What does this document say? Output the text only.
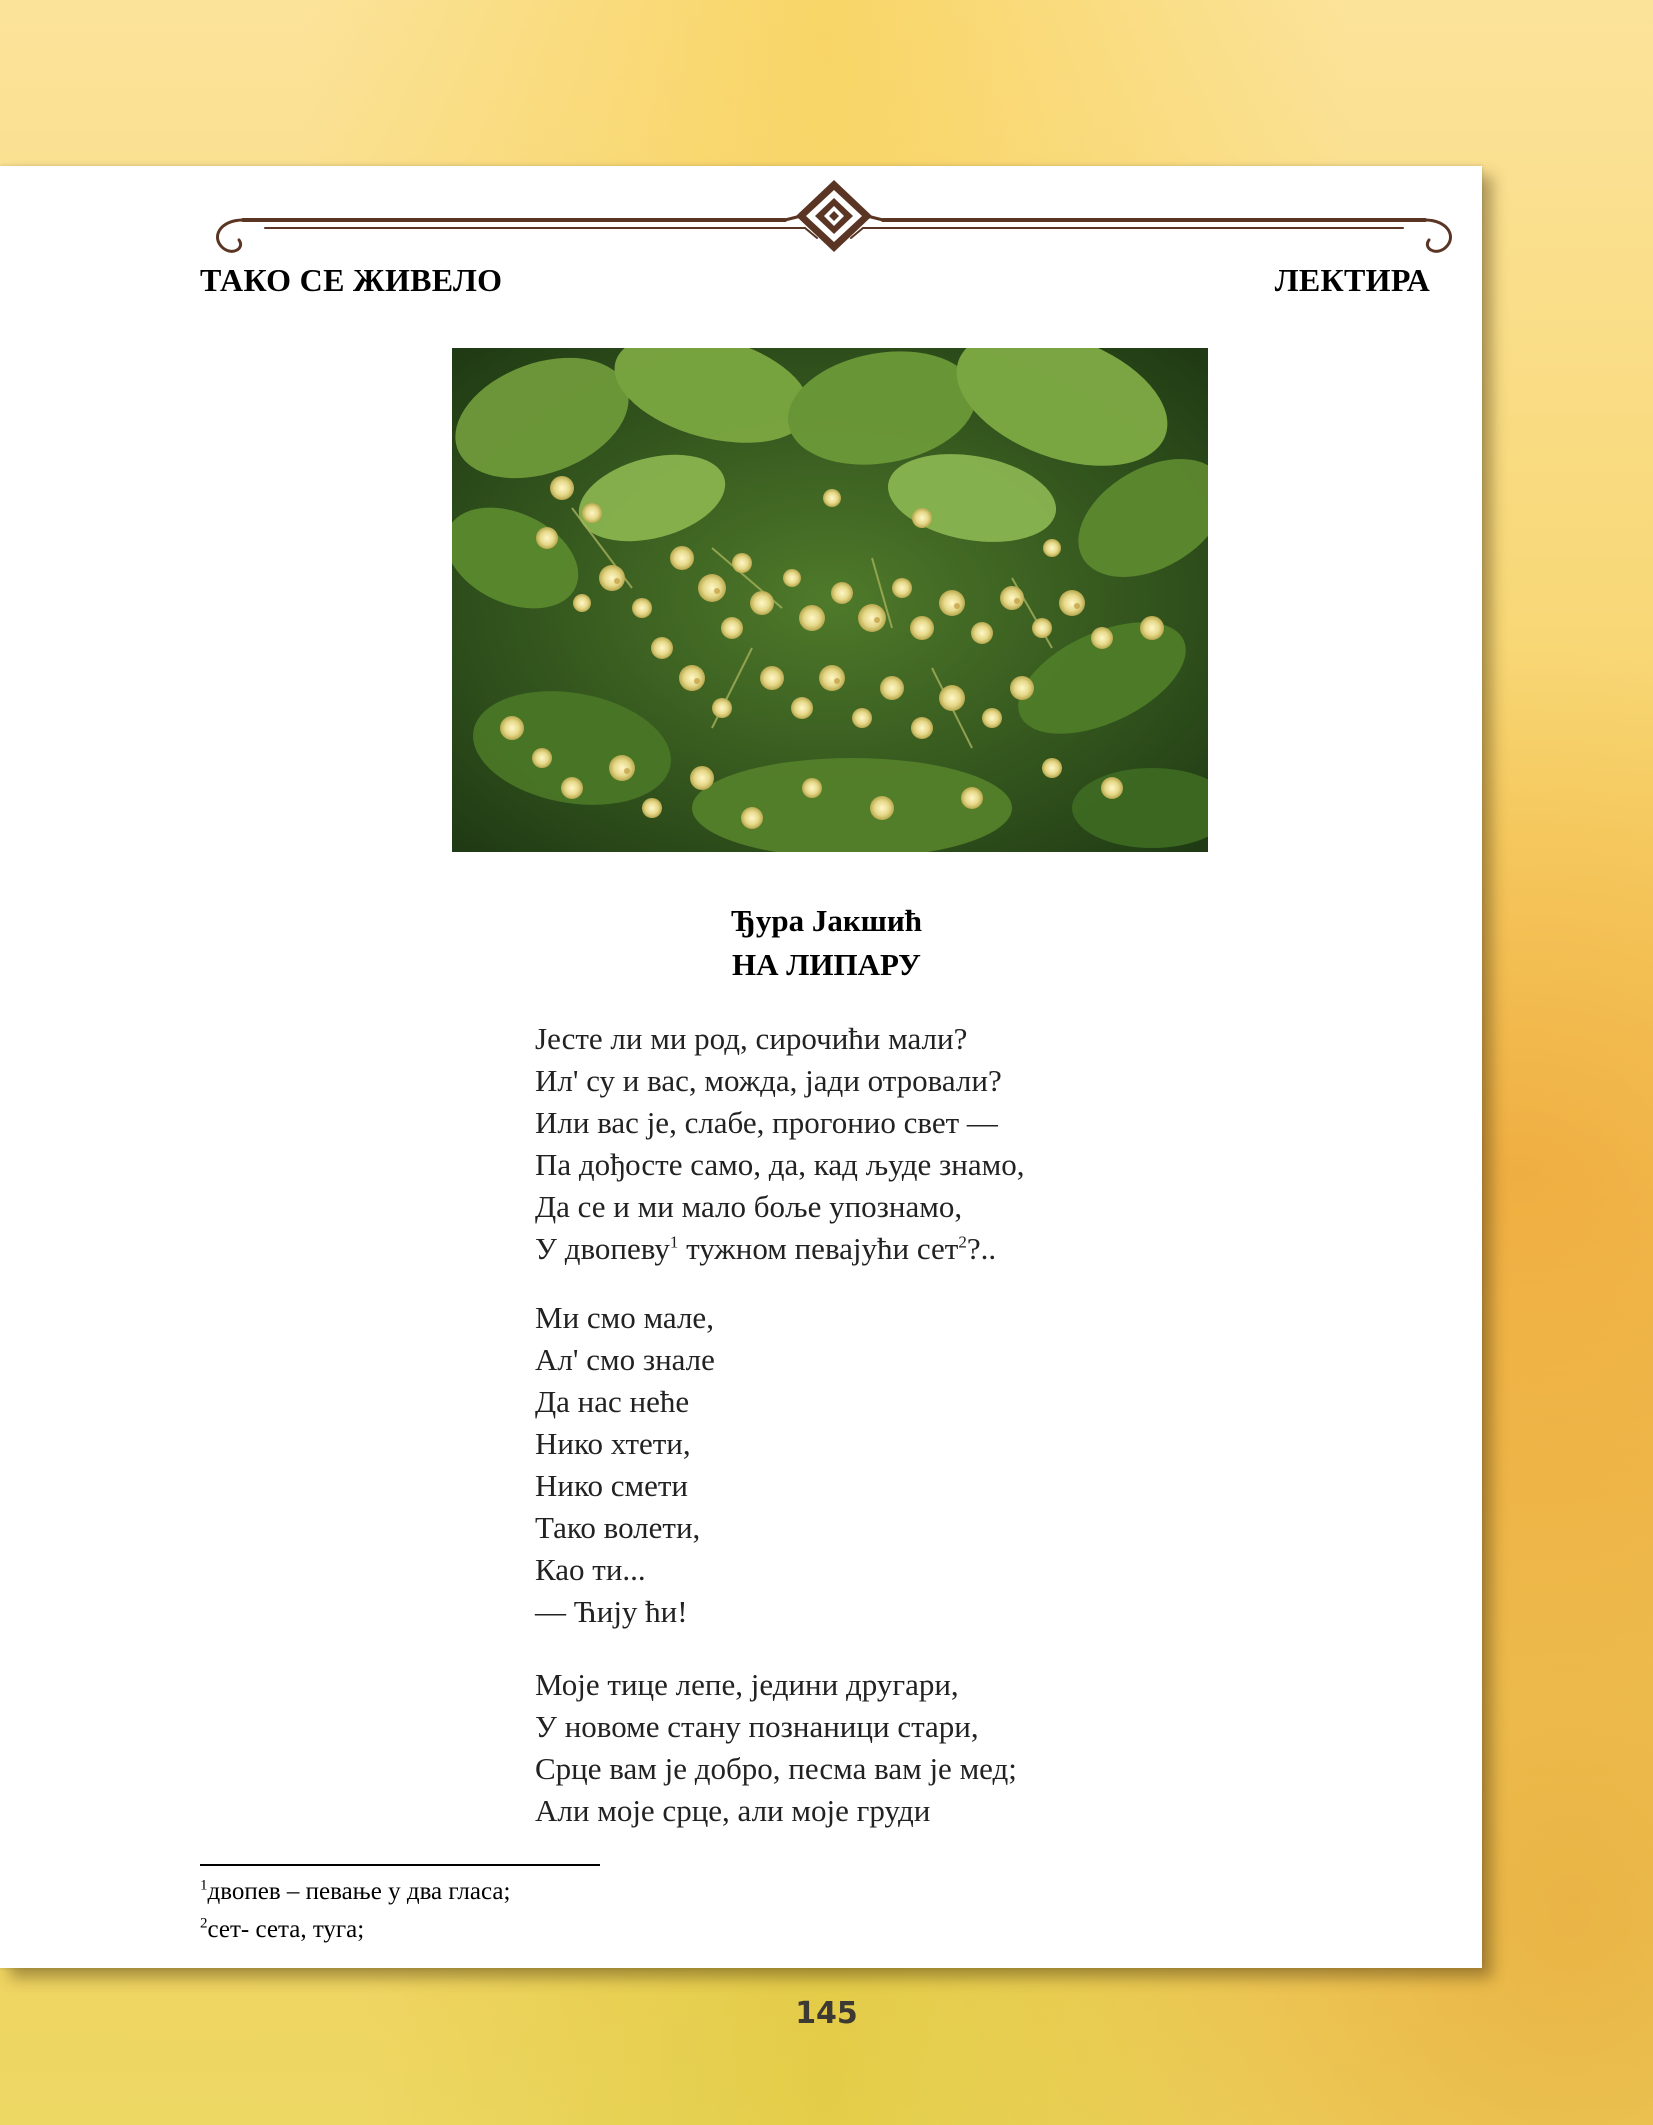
ТАКО СЕ ЖИВЕЛО	ЛЕКТИРА
Ђура Јакшић
НА ЛИПАРУ
Јесте ли ми род, сирочићи мали?
Ил' су и вас, можда, јади отровали?
Или вас је, слабе, прогонио свет —
Па дођосте само, да, кад људе знамо,
Да се и ми мало боље упознамо,
У двопеву$^1$ тужном певајући сет$^2$?..
Ми смо мале,
Ал' смо знале
Да нас неће
Нико хтети,
Нико смети
Тако волети,
Као ти...
— Ћију ћи!
Моје тице лепе, једини другари,
У новоме стану познаници стари,
Срце вам је добро, песма вам је мед;
Али моје срце, али моје груди
$^1$двопев – певање у два гласа;
$^2$сет- сета, туга;
145
